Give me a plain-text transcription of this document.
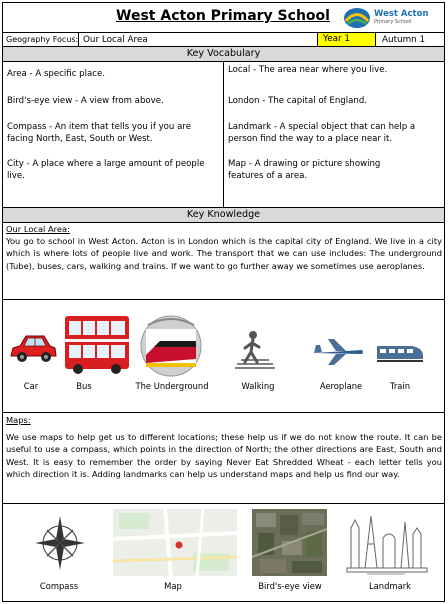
West Acton Primary School	West Acton
Primary School
Geography Focus: Our Local Area	Year 1	Autumn 1
Key Vocabulary
Area - A specific place.
Bird's-eye view - A view from above.
Compass - An item that tells you if you are facing North, East, South or West.
City - A place where a large amount of people live.
Local - The area near where you live.
London - The capital of England.
Landmark - A special object that can help a person find the way to a place near it.
Map - A drawing or picture showing features of a area.
Key Knowledge
Our Local Area:
You go to school in West Acton. Acton is in London which is the capital city of England. We live in a city which is where lots of people live and work. The transport that we can use includes: The underground (Tube), buses, cars, walking and trains. If we want to go further away we sometimes use aeroplanes.
Car	Bus	The Underground	Walking	Aeroplane	Train
Maps:
We use maps to help get us to different locations; these help us if we do not know the route. It can be useful to use a compass, which points in the direction of North; the other directions are East, South and West. It is easy to remember the order by saying Never Eat Shredded Wheat - each letter tells you which direction it is. Adding landmarks can help us understand maps and help us find our way.
Compass	Map	Bird's-eye view	Landmark
